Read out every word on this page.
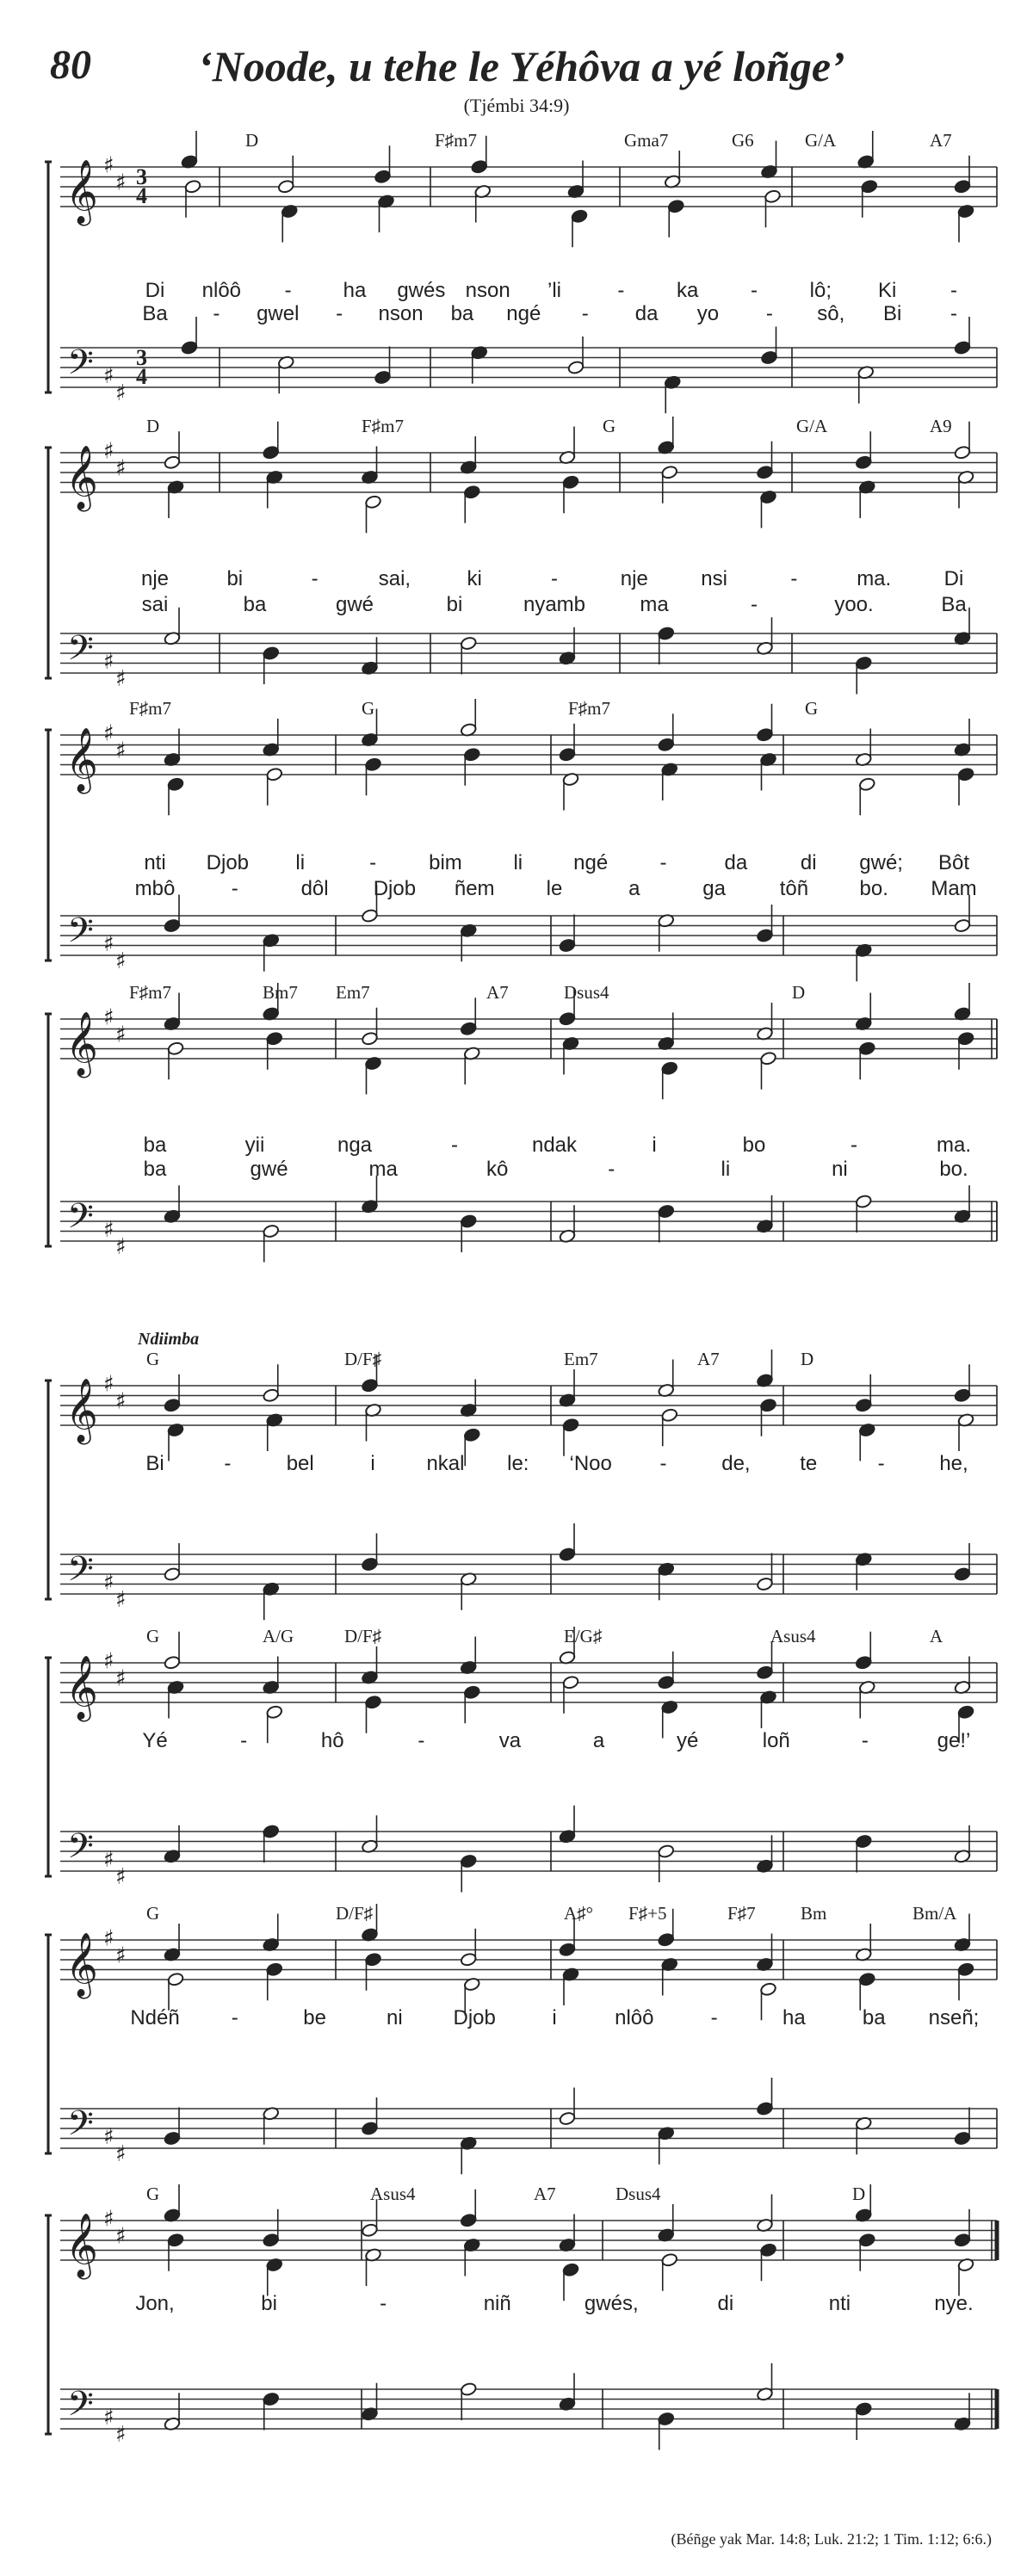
80 ‘Noode, u tehe le Yéhôva a yé loñge’
(Tjémbi 34:9)
𝄞
𝄢
♯
♯
♯
♯
3
3
4
4
D	F♯m7	Gma7	G6	G/A	A7
Di nlôô - ha gwés nson ’li	-	ka	-	lô; Ki	-
Ba - gwel - nson ba ngé - da yo - sô, Bi -
𝄞
𝄢
♯
♯
♯
♯
D	F♯m7	G	G/A	A9
nje	bi	-	sai,	ki	-	nje	nsi	-	ma.	Di
sai	ba	gwé	bi	nyamb	ma	-	yoo.	Ba
𝄞
𝄢
♯
♯
♯
♯
F♯m7	G	F♯m7	G
nti Djob li	-	bim li ngé	-	da	di gwé; Bôt
mbô	-	dôl Djob ñem	le	a	ga	tôñ bo. Mam
𝄞
𝄢
♯
♯
♯
♯
F♯m7	Bm7 Em7	A7	Dsus4	D
ba	yii	nga	-	ndak	i	bo	-	ma.
ba	gwé	ma	kô	-	li	ni	bo.
𝄞
𝄢
♯
♯
♯
♯
G	D/F♯	Em7	A7	D
Ndiimba
Bi	-	bel	i nkal le: ‘Noo -	de, te	-	he,
𝄞
𝄢
♯
♯
♯
♯
G	A/G	D/F♯	E/G♯	Asus4	A
Yé	-	hô	-	va	a	yé	loñ	-	ge!’
𝄞
𝄢
♯
♯
♯
♯
G	D/F♯	A♯° F♯+5	F♯7 Bm	Bm/A
Ndéñ	-	be	ni Djob	i	nlôô	-	ha	ba nseñ;
𝄞
𝄢
♯
♯
♯
♯
G	Asus4	A7	Dsus4	D
Jon,	bi	-	niñ	gwés,	di	nti	nye.
(Béñge yak Mar. 14:8; Luk. 21:2; 1 Tim. 1:12; 6:6.)
